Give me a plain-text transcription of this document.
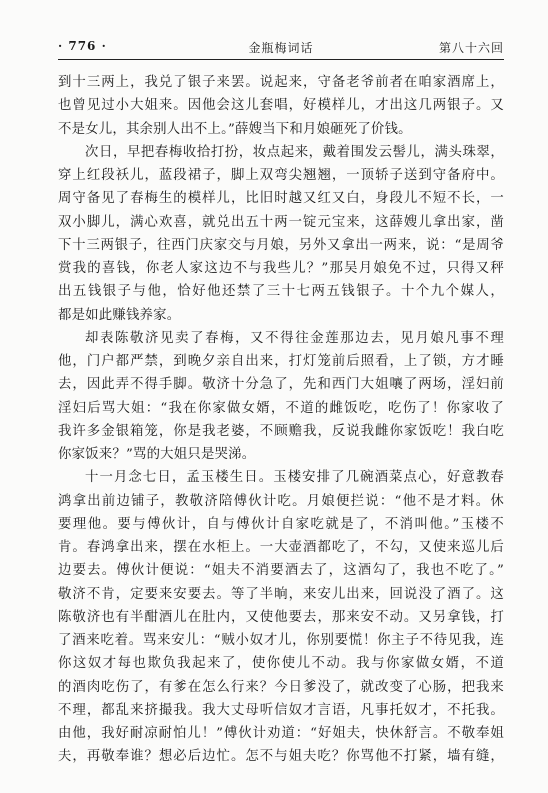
· 776 ·	金瓶梅词话	第八十六回
到十三两上，我兑了银子来罢。说起来，守备老爷前者在咱家酒席上，
也曾见过小大姐来。因他会这儿套唱，好模样儿，才出这几两银子。又
不是女儿，其余别人出不上。”薛嫂当下和月娘砸死了价钱。
次日，早把春梅收拾打扮，妆点起来，戴着围发云髻儿，满头珠翠，
穿上红段袄儿，蓝段裙子，脚上双弯尖翘翘，一顶轿子送到守备府中。
周守备见了春梅生的模样儿，比旧时越又红又白，身段儿不短不长，一
双小脚儿，满心欢喜，就兑出五十两一锭元宝来，这薛嫂儿拿出家，凿
下十三两银子，往西门庆家交与月娘，另外又拿出一两来，说：“是周爷
赏我的喜钱，你老人家这边不与我些儿？”那吴月娘免不过，只得又秤
出五钱银子与他，恰好他还禁了三十七两五钱银子。十个九个媒人，
都是如此赚钱养家。
却表陈敬济见卖了春梅，又不得往金莲那边去，见月娘凡事不理
他，门户都严禁，到晚夕亲自出来，打灯笼前后照看，上了锁，方才睡
去，因此弄不得手脚。敬济十分急了，先和西门大姐嚷了两场，淫妇前
淫妇后骂大姐：“我在你家做女婿，不道的雌饭吃，吃伤了！你家收了
我许多金银箱笼，你是我老婆，不顾赡我，反说我雌你家饭吃！我白吃
你家饭来？”骂的大姐只是哭涕。
十一月念七日，孟玉楼生日。玉楼安排了几碗酒菜点心，好意教春
鸿拿出前边铺子，教敬济陪傅伙计吃。月娘便拦说：“他不是才料。休
要理他。要与傅伙计，自与傅伙计自家吃就是了，不消叫他。”玉楼不
肯。春鸿拿出来，摆在水柜上。一大壶酒都吃了，不勾，又使来巡儿后
边要去。傅伙计便说：“姐夫不消要酒去了，这酒勾了，我也不吃了。”
敬济不肯，定要来安要去。等了半晌，来安儿出来，回说没了酒了。这
陈敬济也有半酣酒儿在肚内，又使他要去，那来安不动。又另拿钱，打
了酒来吃着。骂来安儿：“贼小奴才儿，你别要慌！你主子不待见我，连
你这奴才每也欺负我起来了，使你使儿不动。我与你家做女婿，不道
的酒肉吃伤了，有爹在怎么行来？今日爹没了，就改变了心肠，把我来
不理，都乱来挤撮我。我大丈母听信奴才言语，凡事托奴才，不托我。
由他，我好耐凉耐怕儿！”傅伙计劝道：“好姐夫，快休舒言。不敬奉姐
夫，再敬奉谁？想必后边忙。怎不与姐夫吃？你骂他不打紧，墙有缝，
